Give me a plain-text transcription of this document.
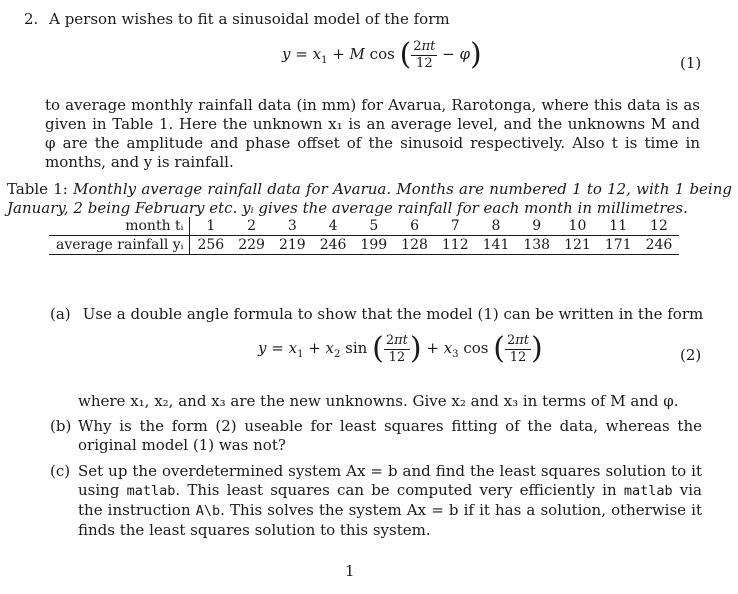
2. A person wishes to fit a sinusoidal model of the form
$y = x_1 + M$ cos ( $\frac{2\pi t}{12} - \varphi$)	(1)

to average monthly rainfall data (in mm) for Avarua, Rarotonga, where this data is as given in Table 1. Here the unknown x₁ is an average level, and the unknowns M and φ are the amplitude and phase offset of the sinusoid respectively. Also t is time in months, and y is rainfall.

Table 1: Monthly average rainfall data for Avarua. Months are numbered 1 to 12, with 1 being January, 2 being February etc. yᵢ gives the average rainfall for each month in millimetres.

month tᵢ	1	2	3	4	5	6	7	8	9	10	11	12
average rainfall yᵢ	256	229	219	246	199	128	112	141	138	121	171	246
(a) Use a double angle formula to show that the model (1) can be written in the form
$y = x_1 + x_2$ sin ( $\frac{2\pi t}{12}$ ) + $x_3$ cos ( $\frac{2\pi t}{12}$ )	(2)

where x₁, x₂, and x₃ are the new unknowns. Give x₂ and x₃ in terms of M and φ.

(b) Why is the form (2) useable for least squares fitting of the data, whereas the original model (1) was not?

(c) Set up the overdetermined system Ax = b and find the least squares solution to it using matlab. This least squares can be computed very efficiently in matlab via the instruction A\b. This solves the system Ax = b if it has a solution, otherwise it finds the least squares solution to this system.

1
